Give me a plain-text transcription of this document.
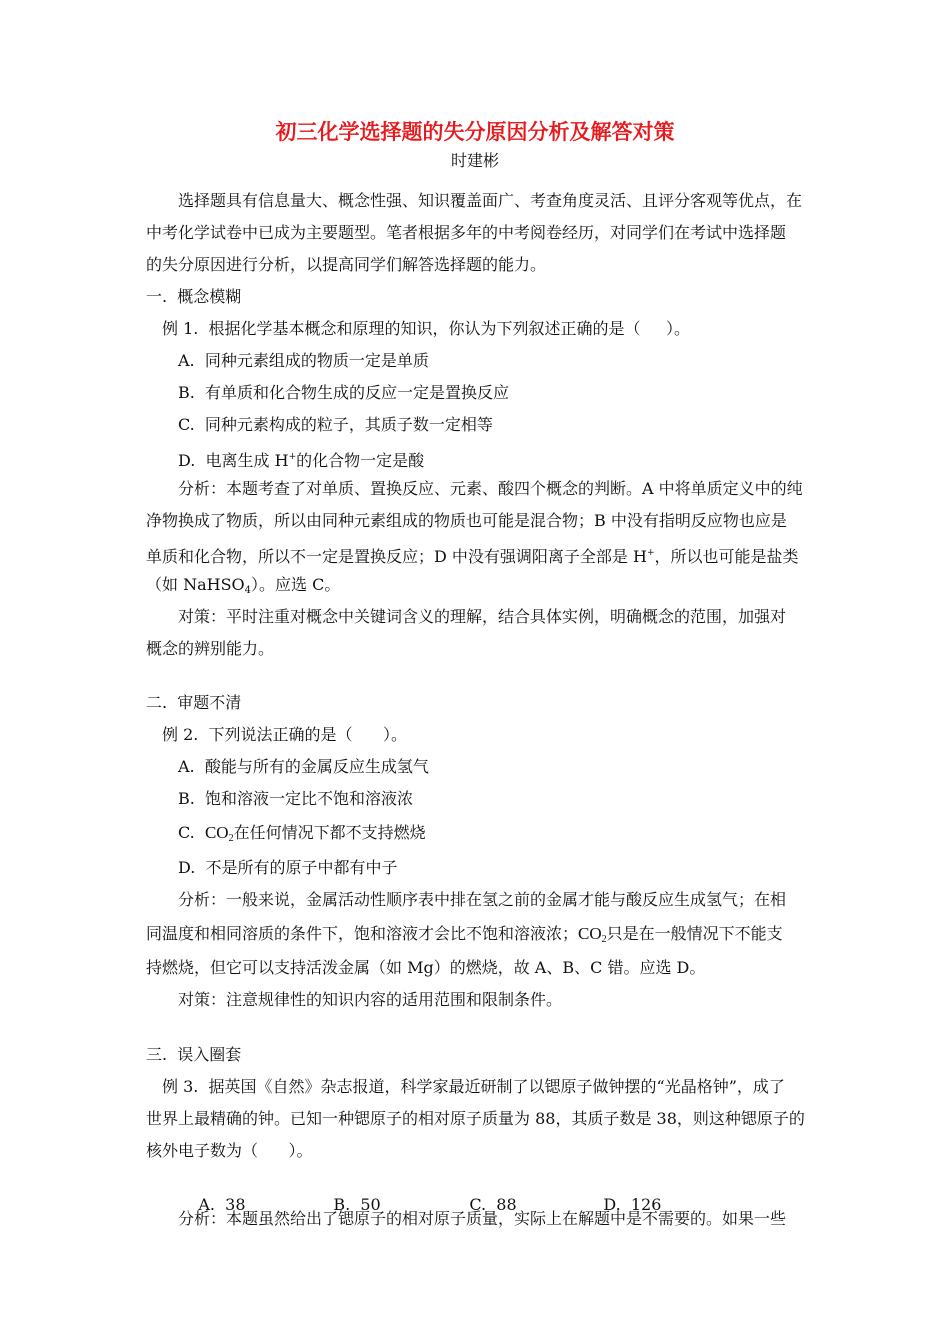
初三化学选择题的失分原因分析及解答对策
时建彬
选择题具有信息量大、概念性强、知识覆盖面广、考查角度灵活、且评分客观等优点，在
中考化学试卷中已成为主要题型。笔者根据多年的中考阅卷经历，对同学们在考试中选择题
的失分原因进行分析，以提高同学们解答选择题的能力。
一.  概念模糊
例 1.  根据化学基本概念和原理的知识，你认为下列叙述正确的是（     ）。
A.  同种元素组成的物质一定是单质
B.  有单质和化合物生成的反应一定是置换反应
C.  同种元素构成的粒子，其质子数一定相等
D.  电离生成 H+的化合物一定是酸
分析：本题考查了对单质、置换反应、元素、酸四个概念的判断。A 中将单质定义中的纯
净物换成了物质，所以由同种元素组成的物质也可能是混合物；B 中没有指明反应物也应是
单质和化合物，所以不一定是置换反应；D 中没有强调阳离子全部是 H+，所以也可能是盐类
（如 NaHSO$_4$）。应选 C。
对策：平时注重对概念中关键词含义的理解，结合具体实例，明确概念的范围，加强对
概念的辨别能力。
二.  审题不清
例 2.  下列说法正确的是（      ）。
A.  酸能与所有的金属反应生成氢气
B.  饱和溶液一定比不饱和溶液浓
C.  $CO_2$在任何情况下都不支持燃烧
D.  不是所有的原子中都有中子
分析：一般来说，金属活动性顺序表中排在氢之前的金属才能与酸反应生成氢气；在相
同温度和相同溶质的条件下，饱和溶液才会比不饱和溶液浓；$CO_2$只是在一般情况下不能支
持燃烧，但它可以支持活泼金属（如 Mg）的燃烧，故 A、B、C 错。应选 D。
对策：注意规律性的知识内容的适用范围和限制条件。
三.  误入圈套
例 3.  据英国《自然》杂志报道，科学家最近研制了以锶原子做钟摆的“光晶格钟”，成了
世界上最精确的钟。已知一种锶原子的相对原子质量为 88，其质子数是 38，则这种锶原子的
核外电子数为（      ）。

A.  38	B.  50	C.  88	D.  126

分析：本题虽然给出了锶原子的相对原子质量，实际上在解题中是不需要的。如果一些
